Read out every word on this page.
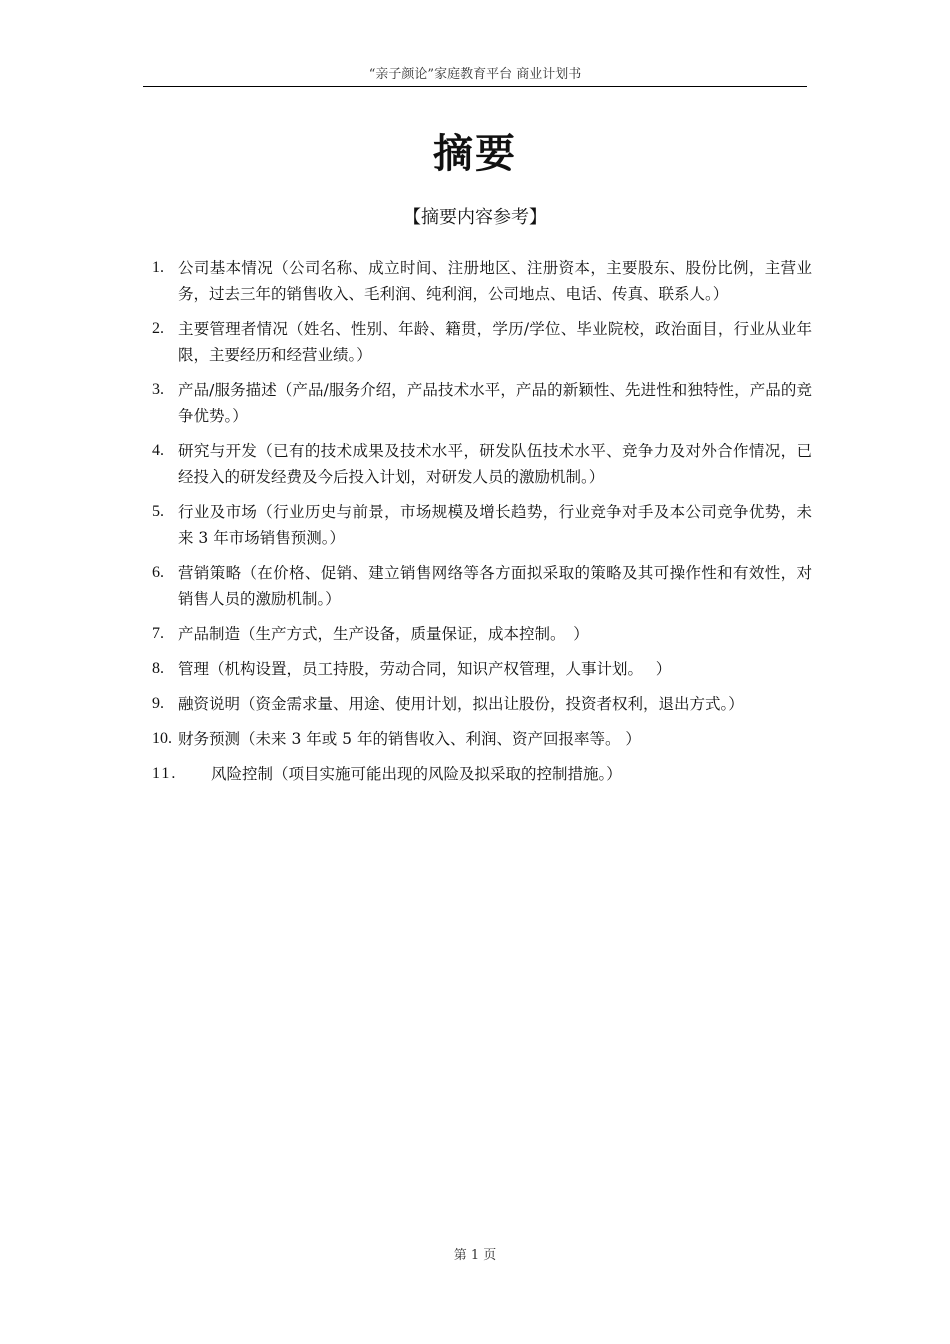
“亲子颜论”家庭教育平台 商业计划书
摘要
【摘要内容参考】
1. 公司基本情况（公司名称、成立时间、注册地区、注册资本，主要股东、股份比例，主营业务，过去三年的销售收入、毛利润、纯利润，公司地点、电话、传真、联系人。）
2. 主要管理者情况（姓名、性别、年龄、籍贯，学历/学位、毕业院校，政治面目，行业从业年限，主要经历和经营业绩。）
3. 产品/服务描述（产品/服务介绍，产品技术水平，产品的新颖性、先进性和独特性，产品的竞争优势。）
4. 研究与开发（已有的技术成果及技术水平，研发队伍技术水平、竞争力及对外合作情况，已经投入的研发经费及今后投入计划，对研发人员的激励机制。）
5. 行业及市场（行业历史与前景，市场规模及增长趋势，行业竞争对手及本公司竞争优势，未来 3 年市场销售预测。）
6. 营销策略（在价格、促销、建立销售网络等各方面拟采取的策略及其可操作性和有效性，对销售人员的激励机制。）
7. 产品制造（生产方式，生产设备，质量保证，成本控制。　）
8. 管理（机构设置，员工持股，劳动合同，知识产权管理，人事计划。　 ）
9. 融资说明（资金需求量、用途、使用计划，拟出让股份，投资者权利，退出方式。）
10. 财务预测（未来 3 年或 5 年的销售收入、利润、资产回报率等。 ）
11. 风险控制（项目实施可能出现的风险及拟采取的控制措施。）
第 1 页
